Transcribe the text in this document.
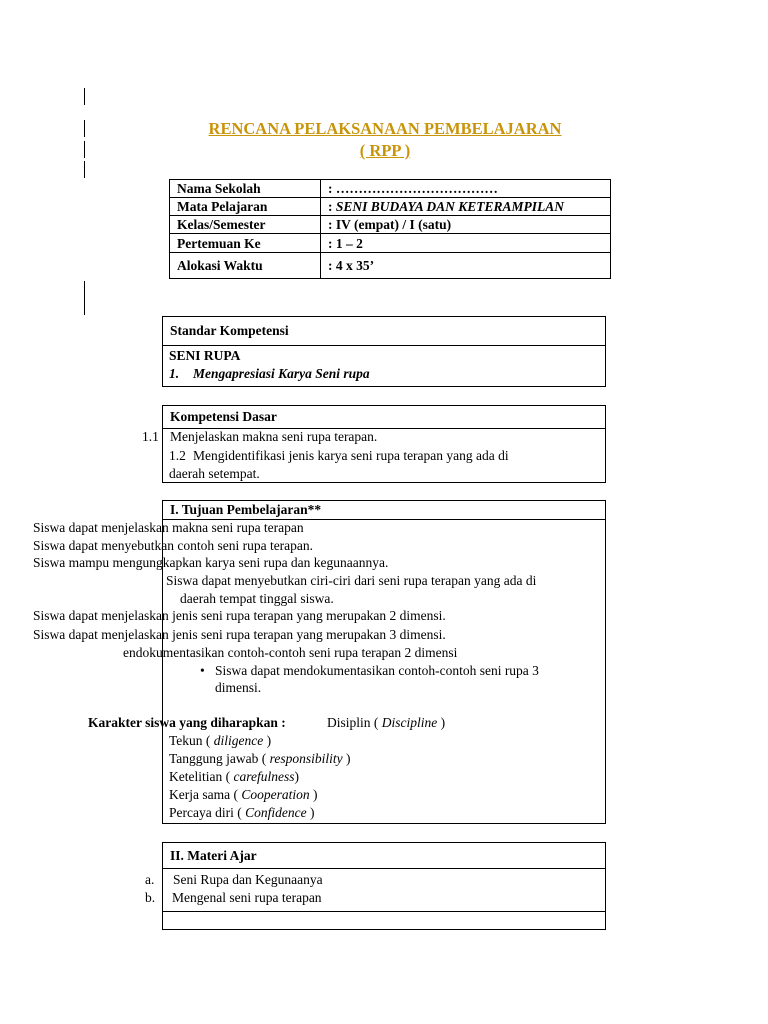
RENCANA PELAKSANAAN PEMBELAJARAN
( RPP )
Nama Sekolah	: ………………………………
Mata Pelajaran	: SENI BUDAYA DAN KETERAMPILAN
Kelas/Semester	: IV (empat) / I (satu)
Pertemuan Ke	: 1 – 2
Alokasi Waktu	: 4 x 35’
Standar Kompetensi
SENI RUPA
1. Mengapresiasi Karya Seni rupa
Kompetensi Dasar
1.2 Mengidentifikasi jenis karya seni rupa terapan yang ada di
daerah setempat.
1.1 Menjelaskan makna seni rupa terapan.
I. Tujuan Pembelajaran**
Siswa dapat menjelaskan makna seni rupa terapan
Siswa dapat menyebutkan contoh seni rupa terapan.
Siswa mampu mengungkapkan karya seni rupa dan kegunaannya.
Siswa dapat menyebutkan ciri-ciri dari seni rupa terapan yang ada di
daerah tempat tinggal siswa.
Siswa dapat menjelaskan jenis seni rupa terapan yang merupakan 2 dimensi.
Siswa dapat menjelaskan jenis seni rupa terapan yang merupakan 3 dimensi.
endokumentasikan contoh-contoh seni rupa terapan 2 dimensi
• Siswa dapat mendokumentasikan contoh-contoh seni rupa 3
dimensi.
Karakter siswa yang diharapkan :	Disiplin ( Discipline )
Tekun ( diligence )
Tanggung jawab ( responsibility )
Ketelitian ( carefulness)
Kerja sama ( Cooperation )
Percaya diri ( Confidence )
II. Materi Ajar
a. Seni Rupa dan Kegunaanya
b. Mengenal seni rupa terapan
